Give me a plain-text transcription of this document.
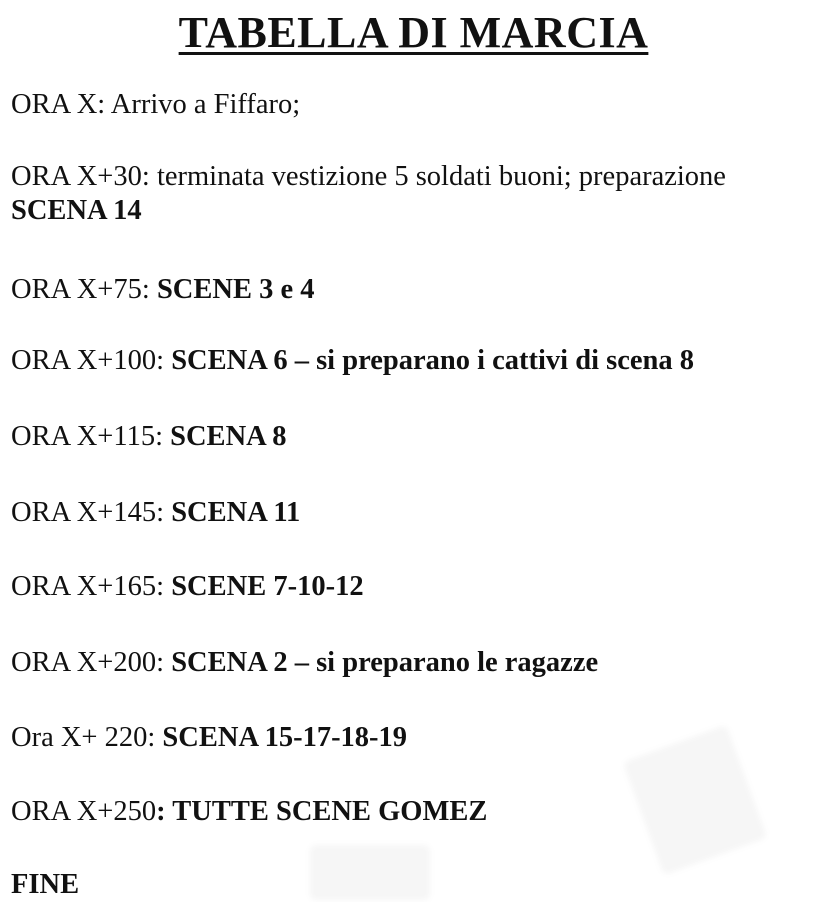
TABELLA DI MARCIA

ORA X: Arrivo a Fiffaro;

ORA X+30: terminata vestizione 5 soldati buoni; preparazione
SCENA 14

ORA X+75: SCENE 3 e 4

ORA X+100: SCENA 6 – si preparano i cattivi di scena 8

ORA X+115: SCENA 8

ORA X+145: SCENA 11

ORA X+165: SCENE 7-10-12

ORA X+200: SCENA 2 – si preparano le ragazze

Ora X+ 220: SCENA 15-17-18-19

ORA X+250: TUTTE SCENE GOMEZ

FINE
